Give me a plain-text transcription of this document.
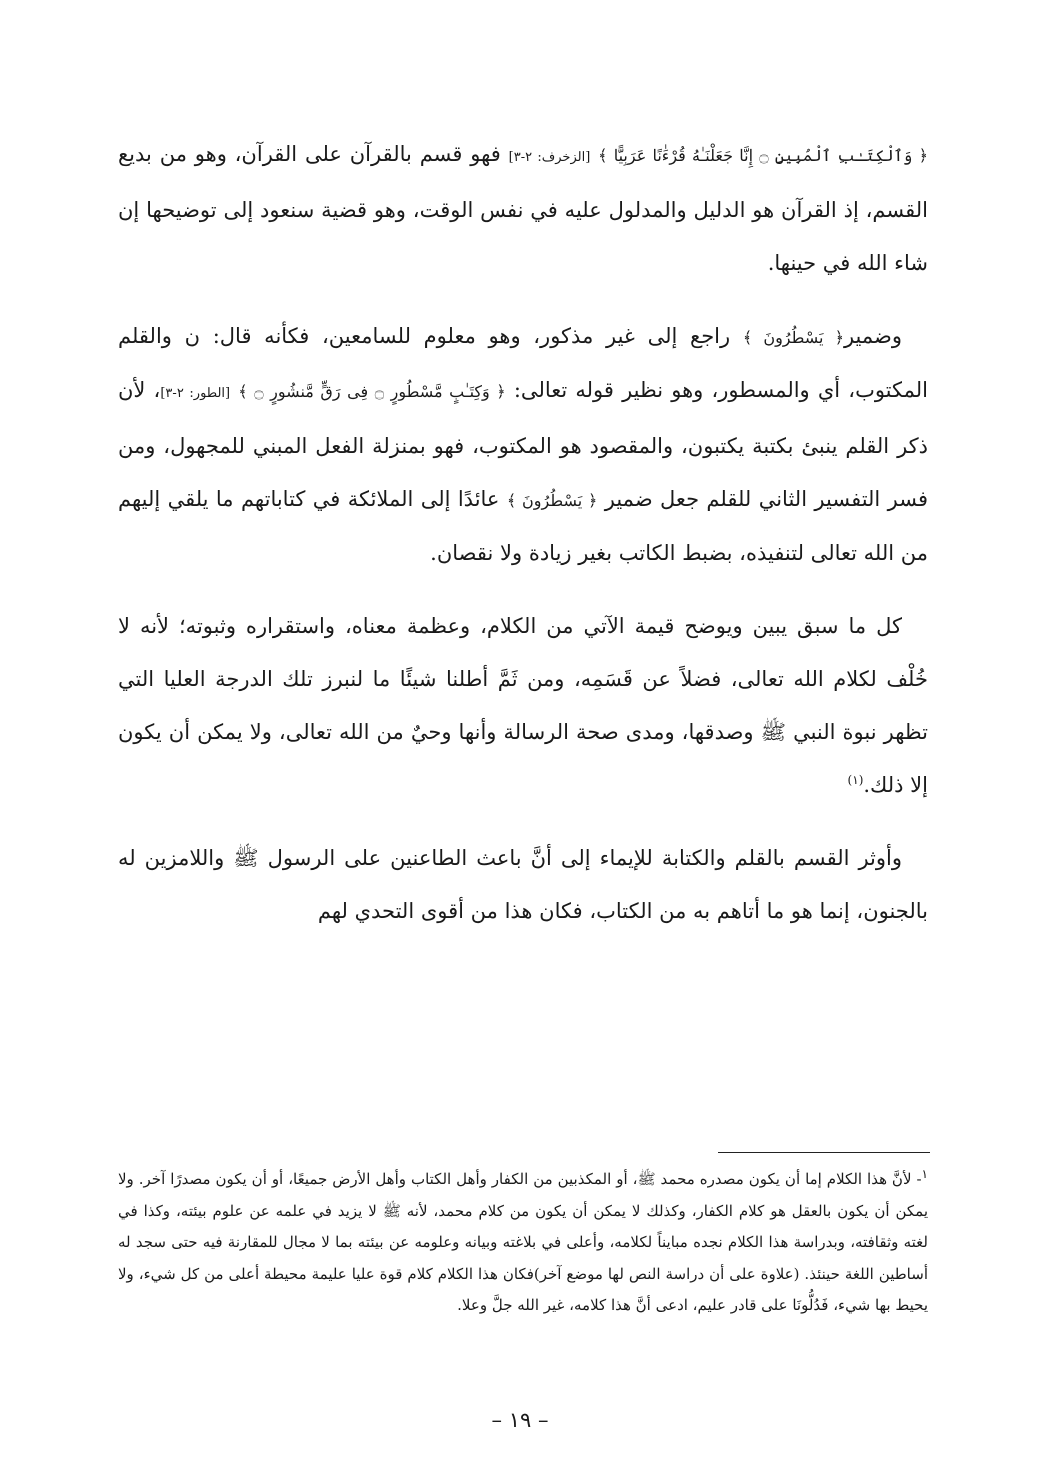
﴿ وَٱلْكِتَـٰبِ ٱلْمُبِينِ ۝ إِنَّا جَعَلْنَـٰهُ قُرْءَٰنًا عَرَبِيًّا ﴾ [الزخرف: ٢-٣] فهو قسم بالقرآن على القرآن، وهو من بديع القسم، إذ القرآن هو الدليل والمدلول عليه في نفس الوقت، وهو قضية سنعود إلى توضيحها إن شاء الله في حينها.

وضمير﴿ يَسْطُرُونَ ﴾ راجع إلى غير مذكور، وهو معلوم للسامعين، فكأنه قال: ن والقلم المكتوب، أي والمسطور، وهو نظير قوله تعالى: ﴿ وَكِتَـٰبٍ مَّسْطُورٍ ۝ فِى رَقٍّ مَّنشُورٍ ۝ ﴾ [الطور: ٢-٣]، لأن ذكر القلم ينبئ بكتبة يكتبون، والمقصود هو المكتوب، فهو بمنزلة الفعل المبني للمجهول، ومن فسر التفسير الثاني للقلم جعل ضمير ﴿ يَسْطُرُونَ ﴾ عائدًا إلى الملائكة في كتاباتهم ما يلقي إليهم من الله تعالى لتنفيذه، بضبط الكاتب بغير زيادة ولا نقصان.

كل ما سبق يبين ويوضح قيمة الآتي من الكلام، وعظمة معناه، واستقراره وثبوته؛ لأنه لا خُلْف لكلام الله تعالى، فضلاً عن قَسَمِه، ومن ثَمَّ أطلنا شيئًا ما لنبرز تلك الدرجة العليا التي تظهر نبوة النبي ﷺ وصدقها، ومدى صحة الرسالة وأنها وحيٌ من الله تعالى، ولا يمكن أن يكون إلا ذلك.$^{(١)}$

وأوثر القسم بالقلم والكتابة للإيماء إلى أنَّ باعث الطاعنين على الرسول ﷺ واللامزين له بالجنون، إنما هو ما أتاهم به من الكتاب، فكان هذا من أقوى التحدي لهم

$^١$- لأنَّ هذا الكلام إما أن يكون مصدره محمد ﷺ، أو المكذبين من الكفار وأهل الكتاب وأهل الأرض جميعًا، أو أن يكون مصدرًا آخر. ولا يمكن أن يكون بالعقل هو كلام الكفار، وكذلك لا يمكن أن يكون من كلام محمد، لأنه ﷺ لا يزيد في علمه عن علوم بيئته، وكذا في لغته وثقافته، وبدراسة هذا الكلام نجده مبايناً لكلامه، وأعلى في بلاغته وبيانه وعلومه عن بيئته بما لا مجال للمقارنة فيه حتى سجد له أساطين اللغة حينئذ. (علاوة على أن دراسة النص لها موضع آخر)فكان هذا الكلام كلام قوة عليا عليمة محيطة أعلى من كل شيء، ولا يحيط بها شيء، فَدُلُّونَا على قادر عليم، ادعى أنَّ هذا كلامه، غير الله جلَّ وعلا.

– ١٩ –
